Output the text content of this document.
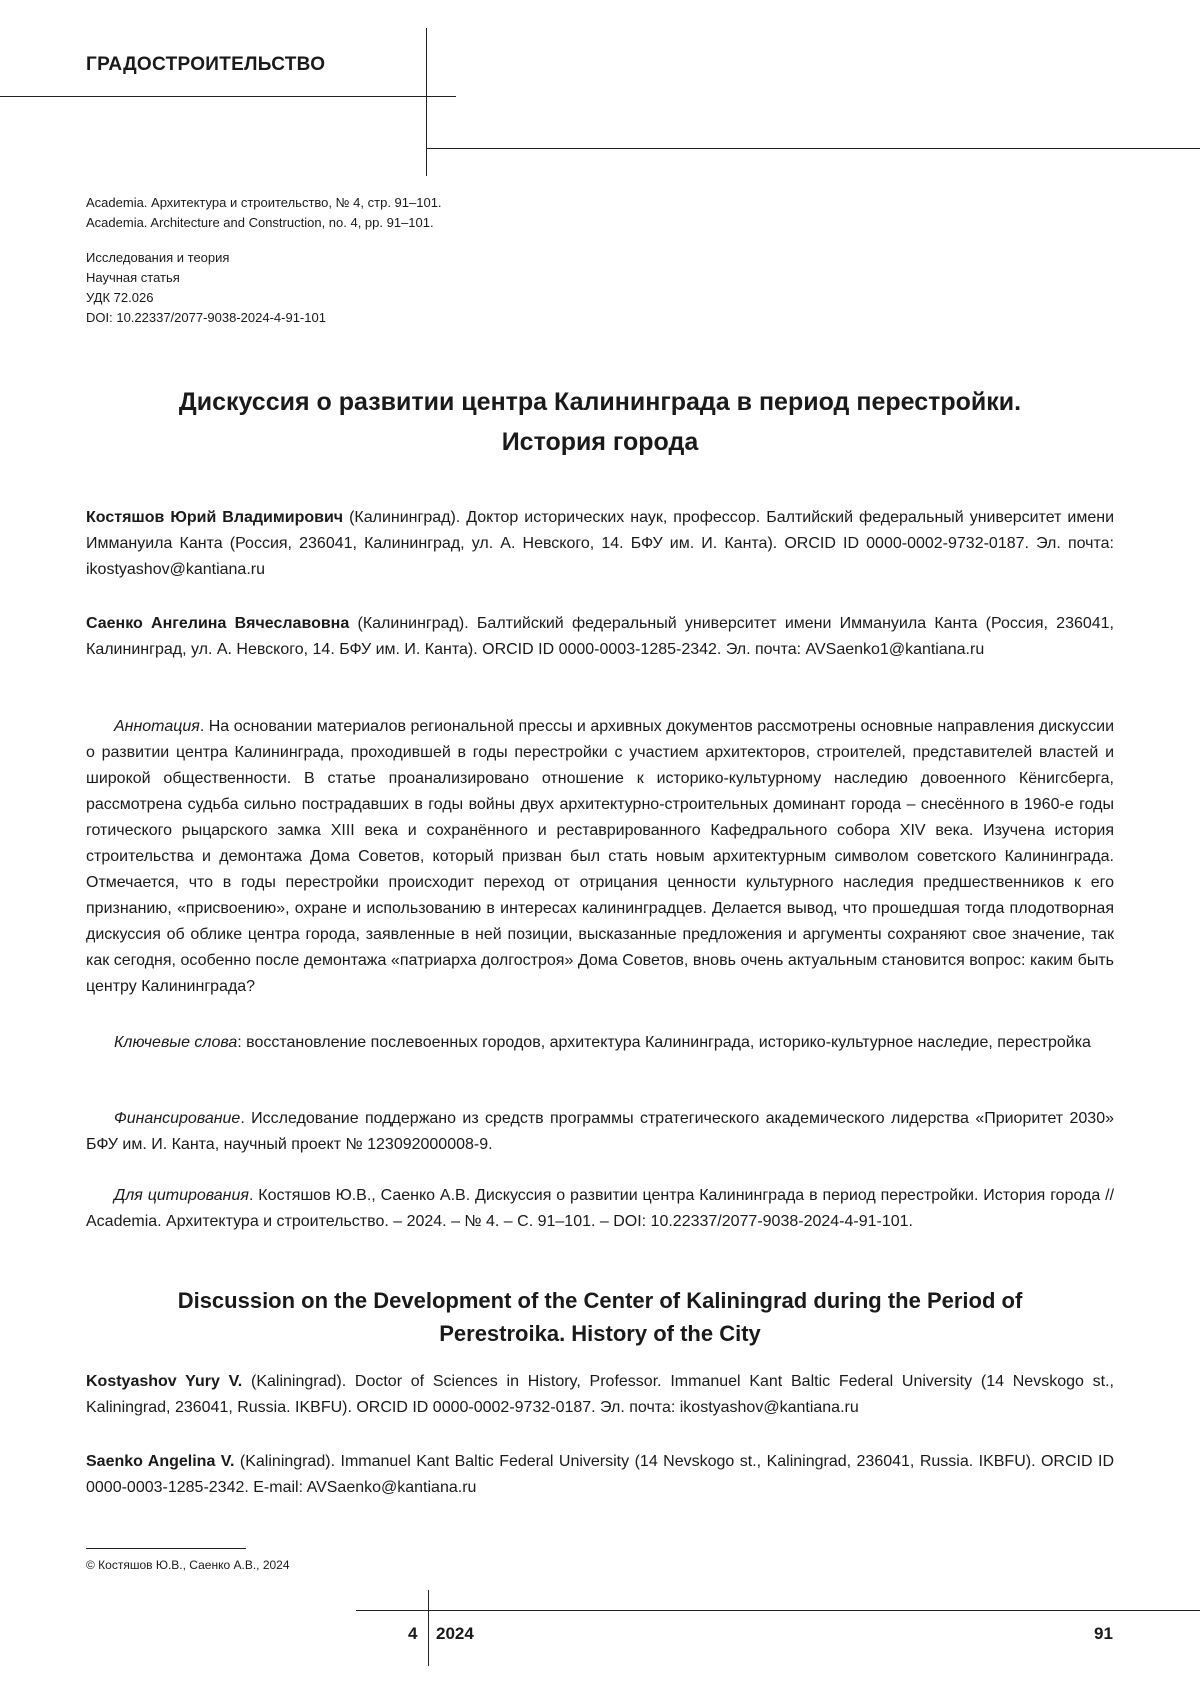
ГРАДОСТРОИТЕЛЬСТВО
Academia. Архитектура и строительство, № 4, стр. 91–101.
Academia. Architecture and Construction, no. 4, pp. 91–101.
Исследования и теория
Научная статья
УДК 72.026
DOI: 10.22337/2077-9038-2024-4-91-101
Дискуссия о развитии центра Калининграда в период перестройки.
История города
Костяшов Юрий Владимирович (Калининград). Доктор исторических наук, профессор. Балтийский федеральный университет имени Иммануила Канта (Россия, 236041, Калининград, ул. А. Невского, 14. БФУ им. И. Канта). ORCID ID 0000-0002-9732-0187. Эл. почта: ikostyashov@kantiana.ru
Саенко Ангелина Вячеславовна (Калининград). Балтийский федеральный университет имени Иммануила Канта (Россия, 236041, Калининград, ул. А. Невского, 14. БФУ им. И. Канта). ORCID ID 0000-0003-1285-2342. Эл. почта: AVSaenko1@kantiana.ru
Аннотация. На основании материалов региональной прессы и архивных документов рассмотрены основные направления дискуссии о развитии центра Калининграда, проходившей в годы перестройки с участием архитекторов, строителей, представителей властей и широкой общественности. В статье проанализировано отношение к историко-культурному наследию довоенного Кёнигсберга, рассмотрена судьба сильно пострадавших в годы войны двух архитектурно-строительных доминант города – снесённого в 1960-е годы готического рыцарского замка XIII века и сохранённого и реставрированного Кафедрального собора XIV века. Изучена история строительства и демонтажа Дома Советов, который призван был стать новым архитектурным символом советского Калининграда. Отмечается, что в годы перестройки происходит переход от отрицания ценности культурного наследия предшественников к его признанию, «присвоению», охране и использованию в интересах калининградцев. Делается вывод, что прошедшая тогда плодотворная дискуссия об облике центра города, заявленные в ней позиции, высказанные предложения и аргументы сохраняют свое значение, так как сегодня, особенно после демонтажа «патриарха долгостроя» Дома Советов, вновь очень актуальным становится вопрос: каким быть центру Калининграда?
Ключевые слова: восстановление послевоенных городов, архитектура Калининграда, историко-культурное наследие, перестройка
Финансирование. Исследование поддержано из средств программы стратегического академического лидерства «Приоритет 2030» БФУ им. И. Канта, научный проект № 123092000008-9.
Для цитирования. Костяшов Ю.В., Саенко А.В. Дискуссия о развитии центра Калининграда в период перестройки. История города // Academia. Архитектура и строительство. – 2024. – № 4. – С. 91–101. – DOI: 10.22337/2077-9038-2024-4-91-101.
Discussion on the Development of the Center of Kaliningrad during the Period of
Perestroika. History of the City
Kostyashov Yury V. (Kaliningrad). Doctor of Sciences in History, Professor. Immanuel Kant Baltic Federal University (14 Nevskogo st., Kaliningrad, 236041, Russia. IKBFU). ORCID ID 0000-0002-9732-0187. Эл. почта: ikostyashov@kantiana.ru
Saenko Angelina V. (Kaliningrad). Immanuel Kant Baltic Federal University (14 Nevskogo st., Kaliningrad, 236041, Russia. IKBFU). ORCID ID 0000-0003-1285-2342. E-mail: AVSaenko@kantiana.ru
© Костяшов Ю.В., Саенко А.В., 2024
4 2024	91
